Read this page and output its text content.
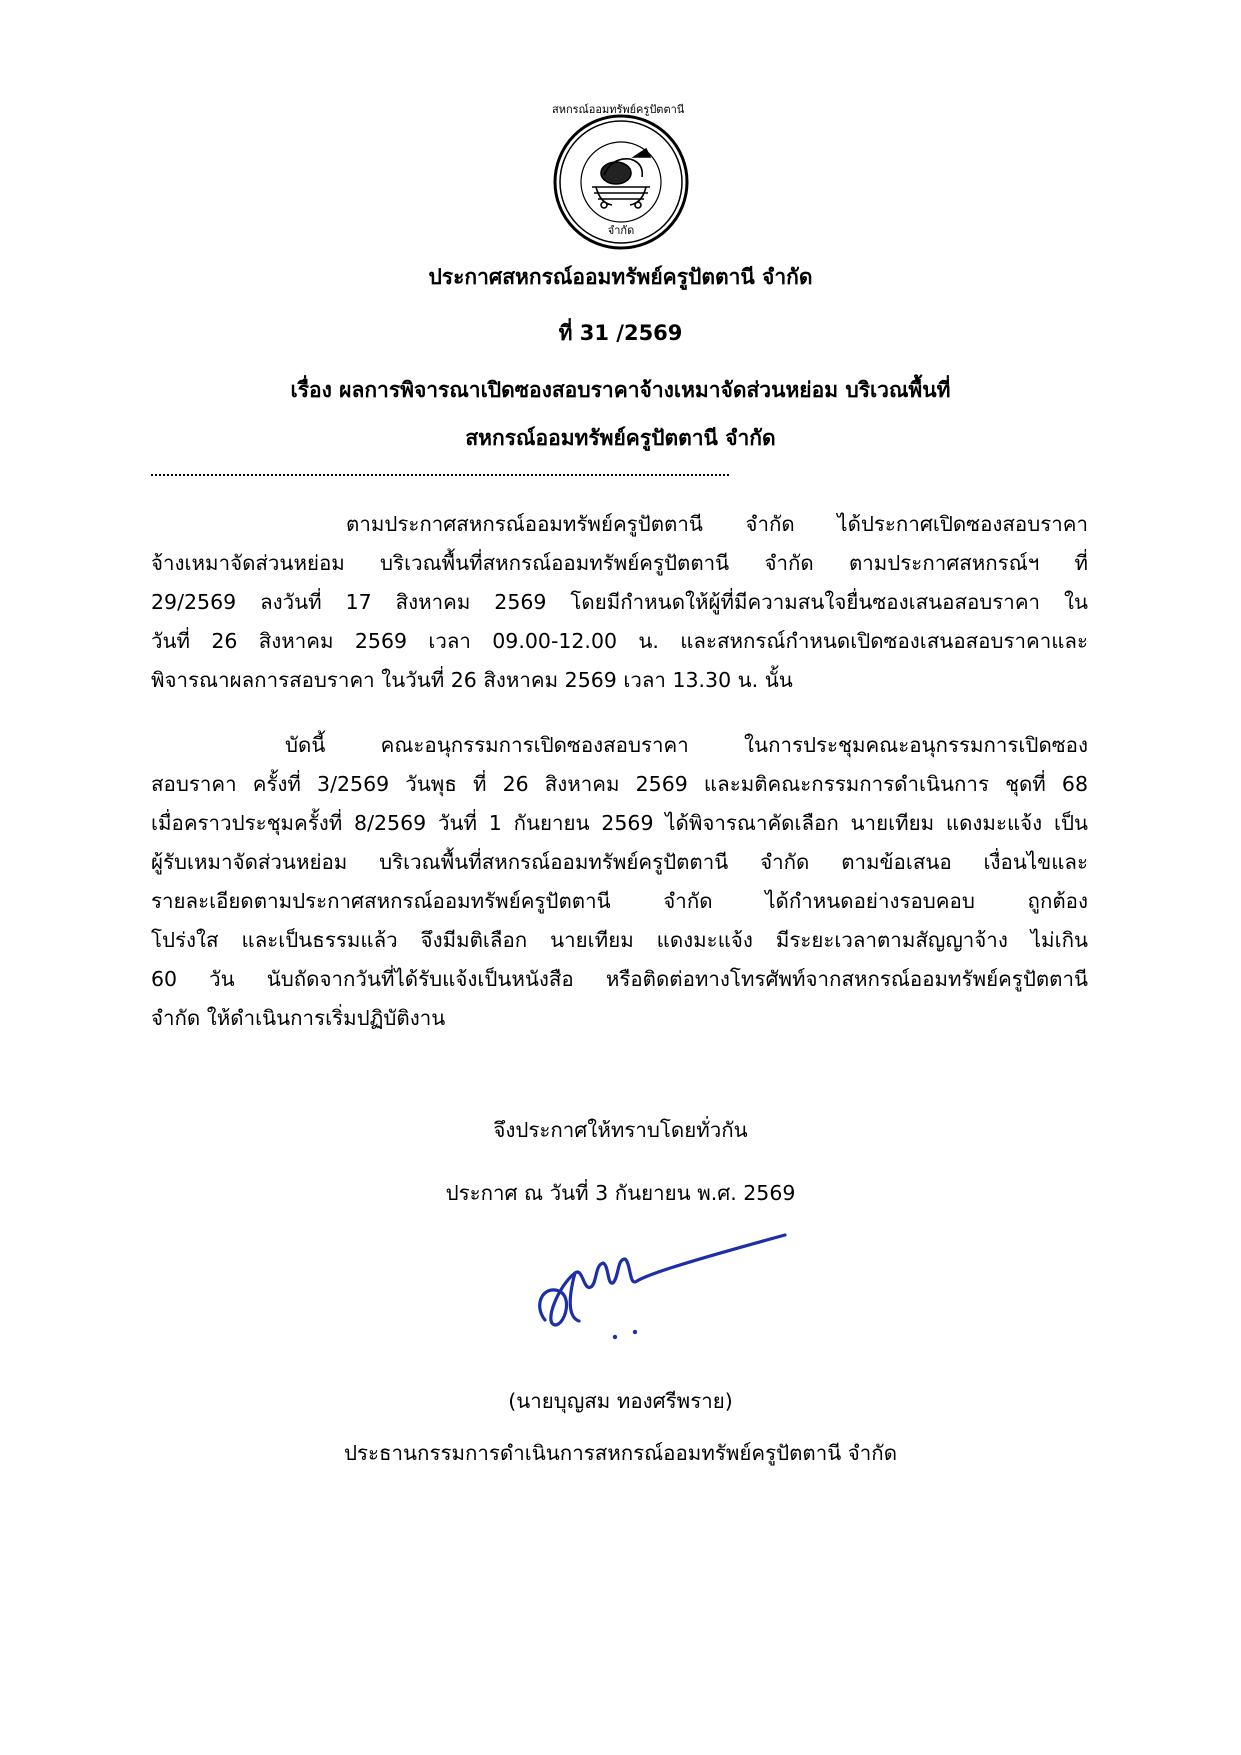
สหกรณ์ออมทรัพย์ครูปัตตานี
จำกัด
ประกาศสหกรณ์ออมทรัพย์ครูปัตตานี จำกัด
ที่ 31 /2569
เรื่อง ผลการพิจารณาเปิดซองสอบราคาจ้างเหมาจัดส่วนหย่อม บริเวณพื้นที่
สหกรณ์ออมทรัพย์ครูปัตตานี จำกัด
ตามประกาศสหกรณ์ออมทรัพย์ครูปัตตานี จำกัด ได้ประกาศเปิดซองสอบราคา
จ้างเหมาจัดส่วนหย่อม บริเวณพื้นที่สหกรณ์ออมทรัพย์ครูปัตตานี จำกัด ตามประกาศสหกรณ์ฯ ที่
29/2569 ลงวันที่ 17 สิงหาคม 2569 โดยมีกำหนดให้ผู้ที่มีความสนใจยื่นซองเสนอสอบราคา ใน
วันที่ 26 สิงหาคม 2569 เวลา 09.00-12.00 น. และสหกรณ์กำหนดเปิดซองเสนอสอบราคาและ
พิจารณาผลการสอบราคา ในวันที่ 26 สิงหาคม 2569 เวลา 13.30 น. นั้น
บัดนี้ คณะอนุกรรมการเปิดซองสอบราคา ในการประชุมคณะอนุกรรมการเปิดซอง
สอบราคา ครั้งที่ 3/2569 วันพุธ ที่ 26 สิงหาคม 2569 และมติคณะกรรมการดำเนินการ ชุดที่ 68
เมื่อคราวประชุมครั้งที่ 8/2569 วันที่ 1 กันยายน 2569 ได้พิจารณาคัดเลือก นายเทียม แดงมะแจ้ง เป็น
ผู้รับเหมาจัดส่วนหย่อม บริเวณพื้นที่สหกรณ์ออมทรัพย์ครูปัตตานี จำกัด ตามข้อเสนอ เงื่อนไขและ
รายละเอียดตามประกาศสหกรณ์ออมทรัพย์ครูปัตตานี จำกัด ได้กำหนดอย่างรอบคอบ ถูกต้อง
โปร่งใส และเป็นธรรมแล้ว จึงมีมติเลือก นายเทียม แดงมะแจ้ง มีระยะเวลาตามสัญญาจ้าง ไม่เกิน
60 วัน นับถัดจากวันที่ได้รับแจ้งเป็นหนังสือ หรือติดต่อทางโทรศัพท์จากสหกรณ์ออมทรัพย์ครูปัตตานี
จำกัด ให้ดำเนินการเริ่มปฏิบัติงาน
จึงประกาศให้ทราบโดยทั่วกัน
ประกาศ ณ วันที่ 3 กันยายน พ.ศ. 2569
(นายบุญสม ทองศรีพราย)
ประธานกรรมการดำเนินการสหกรณ์ออมทรัพย์ครูปัตตานี จำกัด
